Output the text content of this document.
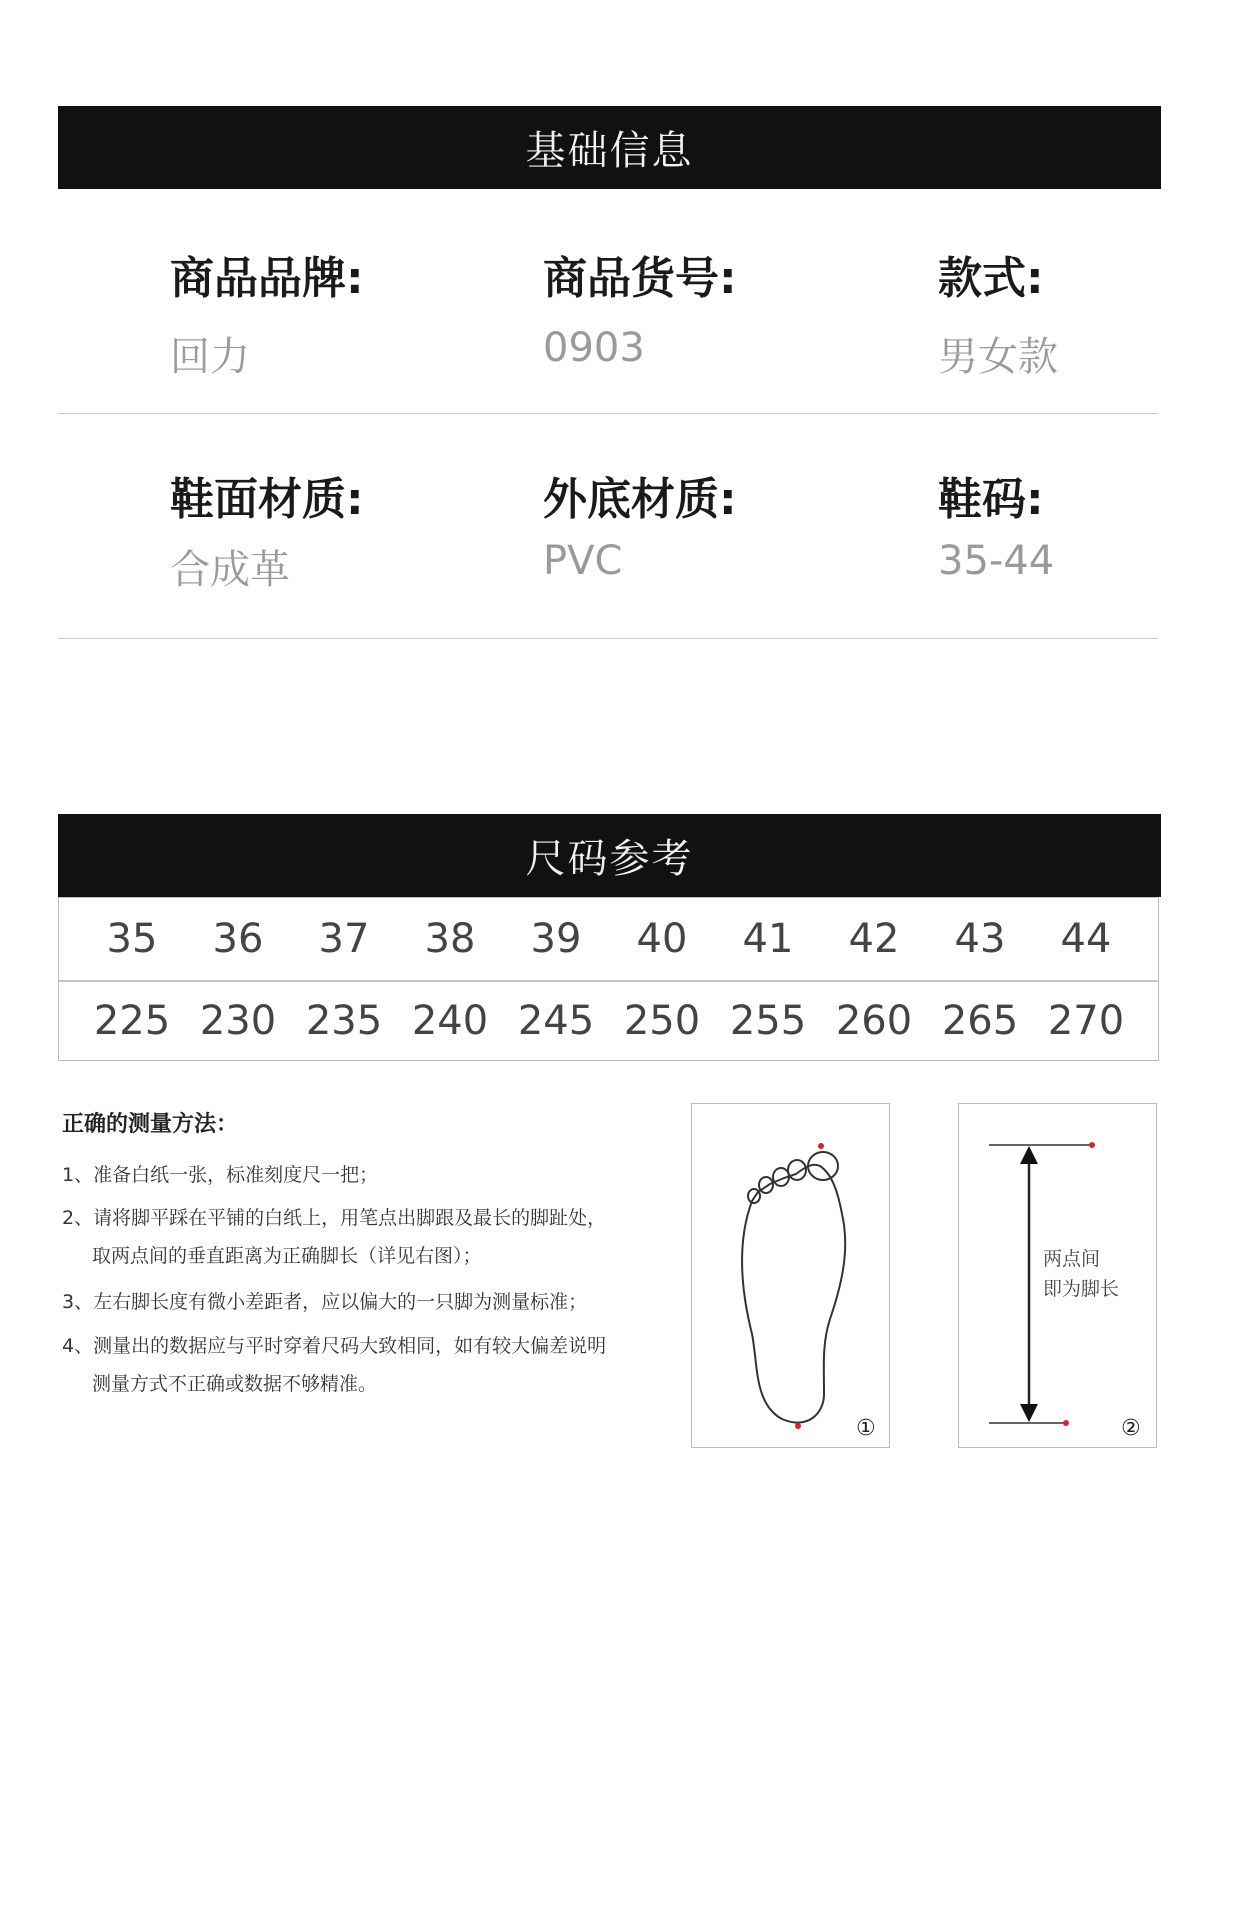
基础信息
商品品牌:
回力
商品货号:
0903
款式:
男女款
鞋面材质:
合成革
外底材质:
PVC
鞋码:
35-44
尺码参考
35	36	37	38	39	40	41	42	43	44
225 230 235 240 245 250 255 260 265 270
正确的测量方法：
1、准备白纸一张，标准刻度尺一把；
2、请将脚平踩在平铺的白纸上，用笔点出脚跟及最长的脚趾处，
取两点间的垂直距离为正确脚长（详见右图）；
3、左右脚长度有微小差距者，应以偏大的一只脚为测量标准；
4、测量出的数据应与平时穿着尺码大致相同，如有较大偏差说明
测量方式不正确或数据不够精准。
①
两点间
即为脚长
②
